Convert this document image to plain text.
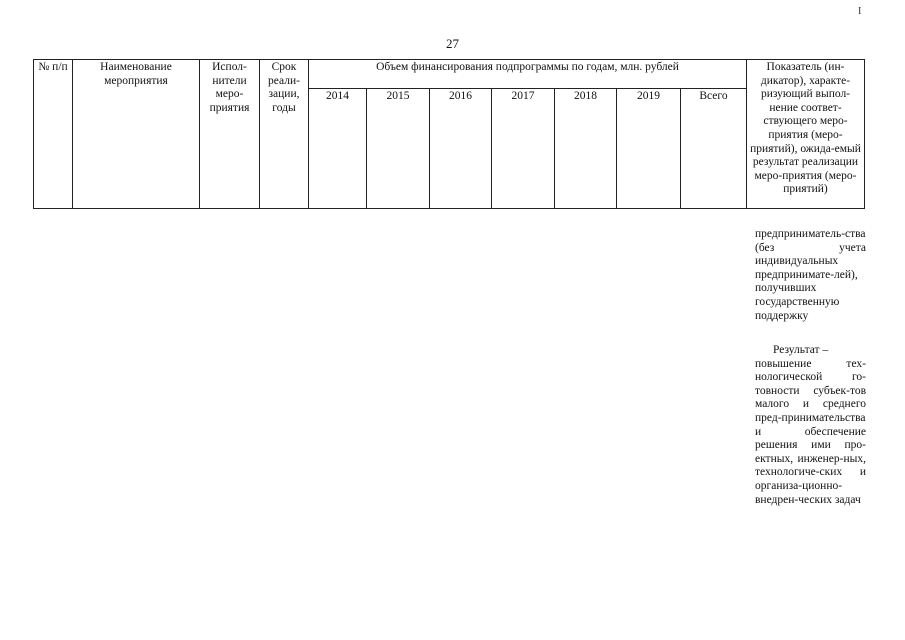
27
I
№ п/п	Наименование мероприятия	Испол-нители меро-приятия	Срок реали-зации, годы	Объем финансирования подпрограммы по годам, млн. рублей							Показатель (ин-дикатор), характе-ризующий выпол-нение соответ-ствующего меро-приятия (меро-приятий), ожида-емый результат реализации меро-приятия (меро-приятий)
				2014	2015	2016	2017	2018	2019	Всего	

предприниматель-ства (без учета индивидуальных предпринимате-лей), получивших государственную поддержку

Результат –

повышение тех-нологической го-товности субъек-тов малого и среднего пред-принимательства и обеспечение решения ими про-ектных, инженер-ных, технологиче-ских и организа-ционно-внедрен-ческих задач
